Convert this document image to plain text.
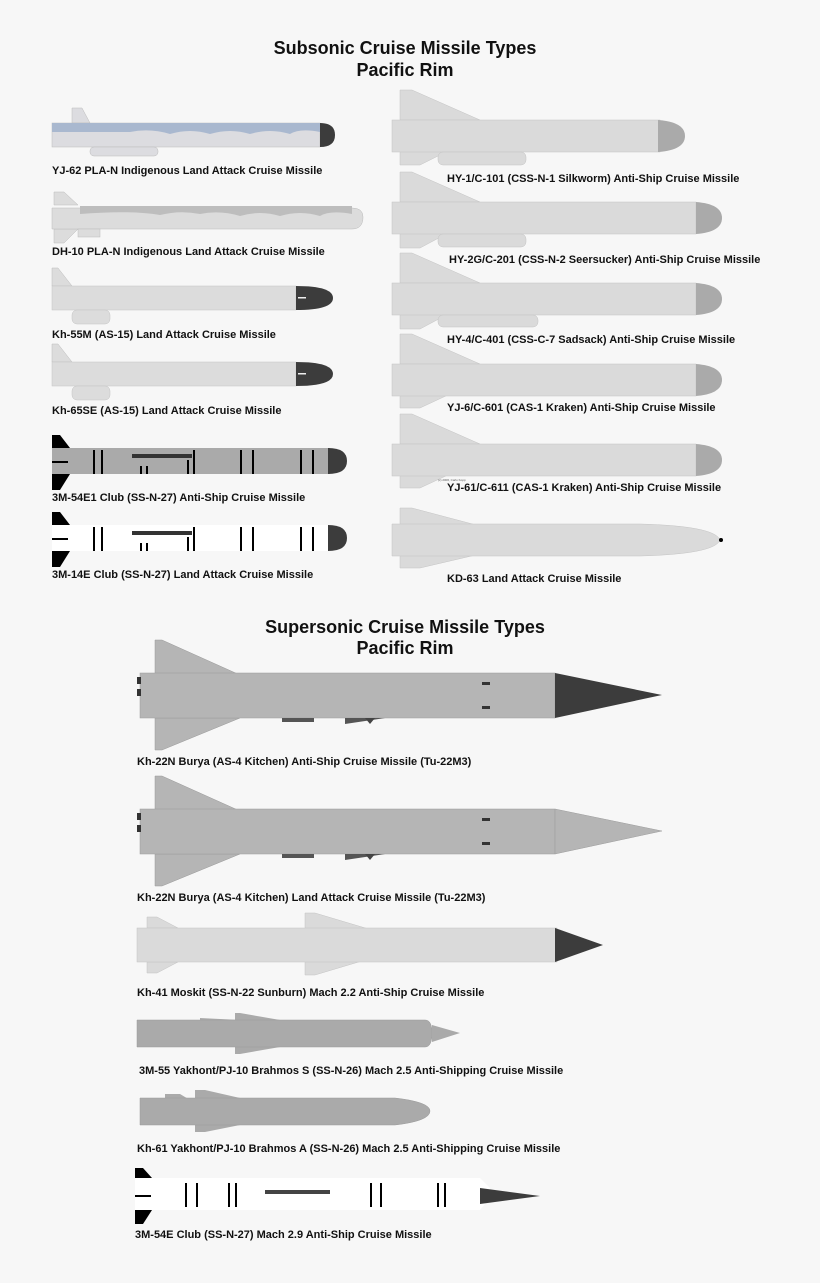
Subsonic Cruise Missile Types
Pacific Rim
YJ-62 PLA-N Indigenous Land Attack Cruise Missile
DH-10 PLA-N Indigenous Land Attack Cruise Missile
Kh-55M (AS-15) Land Attack Cruise Missile
Kh-65SE (AS-15) Land Attack Cruise Missile
3M-54E1 Club (SS-N-27) Anti-Ship Cruise Missile
3M-14E Club (SS-N-27) Land Attack Cruise Missile
HY-1/C-101 (CSS-N-1 Silkworm) Anti-Ship Cruise Missile
HY-2G/C-201 (CSS-N-2 Seersucker) Anti-Ship Cruise Missile
HY-4/C-401 (CSS-C-7 Sadsack) Anti-Ship Cruise Missile
YJ-6/C-601 (CAS-1 Kraken) Anti-Ship Cruise Missile
YJ-61/C-611 (CAS-1 Kraken) Anti-Ship Cruise Missile
KD-63 Land Attack Cruise Missile
(c) 2006, Carlo Kopp
Supersonic Cruise Missile Types
Pacific Rim
Kh-22N Burya (AS-4 Kitchen) Anti-Ship Cruise Missile (Tu-22M3)
Kh-22N Burya (AS-4 Kitchen) Land Attack Cruise Missile (Tu-22M3)
Kh-41 Moskit (SS-N-22 Sunburn) Mach 2.2 Anti-Ship Cruise Missile
3M-55 Yakhont/PJ-10 Brahmos S (SS-N-26) Mach 2.5 Anti-Shipping Cruise Missile
Kh-61 Yakhont/PJ-10 Brahmos A (SS-N-26) Mach 2.5 Anti-Shipping Cruise Missile
3M-54E Club (SS-N-27) Mach 2.9 Anti-Ship Cruise Missile
